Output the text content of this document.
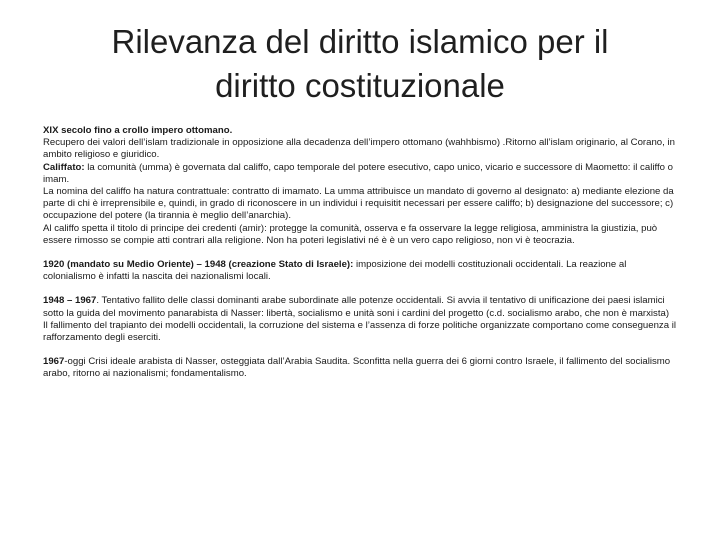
Rilevanza del diritto islamico per il
diritto costituzionale

XIX secolo fino a crollo impero ottomano.

Recupero dei valori dell’islam tradizionale in opposizione alla decadenza dell’impero ottomano (wahhbismo) .Ritorno all’islam originario, al Corano, in ambito religioso e giuridico.

Califfato: la comunità (umma) è governata dal califfo, capo temporale del potere esecutivo, capo unico, vicario e successore di Maometto: il califfo o imam.

La nomina del califfo ha natura contrattuale: contratto di imamato. La umma attribuisce un mandato di governo al designato: a) mediante elezione da parte di chi è irreprensibile e, quindi, in grado di riconoscere in un individui i requisitit necessari per essere califfo; b) designazione del successore; c) occupazione del potere (la tirannia è meglio dell’anarchia).

Al califfo spetta il titolo di principe dei credenti (amir): protegge la comunità, osserva e fa osservare la legge religiosa, amministra la giustizia, può essere rimosso se compie atti contrari alla religione. Non ha poteri legislativi né è è un vero capo religioso, non vi è teocrazia.

1920 (mandato su Medio Oriente) – 1948 (creazione Stato di Israele): imposizione dei modelli costituzionali occidentali. La reazione al colonialismo è infatti la nascita dei nazionalismi locali.

1948 – 1967. Tentativo fallito delle classi dominanti arabe subordinate alle potenze occidentali. Si avvia il tentativo di unificazione dei paesi islamici sotto la guida del movimento panarabista di Nasser: libertà, socialismo e unità soni i cardini del progetto (c.d. socialismo arabo, che non è marxista)

Il fallimento del trapianto dei modelli occidentali, la corruzione del sistema e l’assenza di forze politiche organizzate comportano come conseguenza il rafforzamento degli eserciti.

1967-oggi Crisi ideale arabista di Nasser, osteggiata dall’Arabia Saudita. Sconfitta nella guerra dei 6 giorni contro Israele, il fallimento del socialismo arabo, ritorno ai nazionalismi; fondamentalismo.
